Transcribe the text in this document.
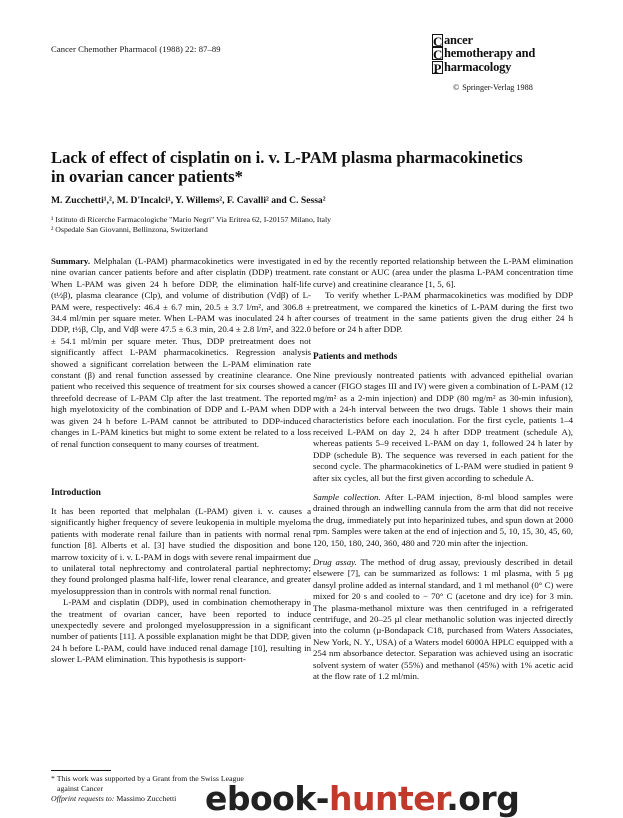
Cancer Chemother Pharmacol (1988) 22: 87–89
C ancer
C hemotherapy and
P harmacology
© Springer-Verlag 1988
Lack of effect of cisplatin on i. v. L-PAM plasma pharmacokinetics
in ovarian cancer patients*
M. Zucchetti¹,², M. D'Incalci¹, Y. Willems², F. Cavalli² and C. Sessa²
¹ Istituto di Ricerche Farmacologiche "Mario Negri" Via Eritrea 62, I-20157 Milano, Italy
² Ospedale San Giovanni, Bellinzona, Switzerland

Summary. Melphalan (L-PAM) pharmacokinetics were investigated in nine ovarian cancer patients before and after cisplatin (DDP) treatment. When L-PAM was given 24 h before DDP, the elimination half-life (t½β), plasma clearance (Clp), and volume of distribution (Vdβ) of L-PAM were, respectively: 46.4 ± 6.7 min, 20.5 ± 3.7 l/m², and 306.8 ± 34.4 ml/min per square meter. When L-PAM was inoculated 24 h after DDP, t½β, Clp, and Vdβ were 47.5 ± 6.3 min, 20.4 ± 2.8 l/m², and 322.0 ± 54.1 ml/min per square meter. Thus, DDP pretreatment does not significantly affect L-PAM pharmacokinetics. Regression analysis showed a significant correlation between the L-PAM elimination rate constant (β) and renal function assessed by creatinine clearance. One patient who received this sequence of treatment for six courses showed a threefold decrease of L-PAM Clp after the last treatment. The reported high myelotoxicity of the combination of DDP and L-PAM when DDP was given 24 h before L-PAM cannot be attributed to DDP-induced changes in L-PAM kinetics but might to some extent be related to a loss of renal function consequent to many courses of treatment.

Introduction

It has been reported that melphalan (L-PAM) given i. v. causes a significantly higher frequency of severe leukopenia in multiple myeloma patients with moderate renal failure than in patients with normal renal function [8]. Alberts et al. [3] have studied the disposition and bone marrow toxicity of i. v. L-PAM in dogs with severe renal impairment due to unilateral total nephrectomy and controlateral partial nephrectomy; they found prolonged plasma half-life, lower renal clearance, and greater myelosuppression than in controls with normal renal function.

L-PAM and cisplatin (DDP), used in combination chemotherapy in the treatment of ovarian cancer, have been reported to induce unexpectedly severe and prolonged myelosuppression in a significant number of patients [11]. A possible explanation might be that DDP, given 24 h before L-PAM, could have induced renal damage [10], resulting in slower L-PAM elimination. This hypothesis is support-

ed by the recently reported relationship between the L-PAM elimination rate constant or AUC (area under the plasma L-PAM concentration time curve) and creatinine clearance [1, 5, 6].

To verify whether L-PAM pharmacokinetics was modified by DDP pretreatment, we compared the kinetics of L-PAM during the first two courses of treatment in the same patients given the drug either 24 h before or 24 h after DDP.

Patients and methods

Nine previously nontreated patients with advanced epithelial ovarian cancer (FIGO stages III and IV) were given a combination of L-PAM (12 mg/m² as a 2-min injection) and DDP (80 mg/m² as 30-min infusion), with a 24-h interval between the two drugs. Table 1 shows their main characteristics before each inoculation. For the first cycle, patients 1–4 received L-PAM on day 2, 24 h after DDP treatment (schedule A), whereas patients 5–9 received L-PAM on day 1, followed 24 h later by DDP (schedule B). The sequence was reversed in each patient for the second cycle. The pharmacokinetics of L-PAM were studied in patient 9 after six cycles, all but the first given according to schedule A.

Sample collection. After L-PAM injection, 8-ml blood samples were drained through an indwelling cannula from the arm that did not receive the drug, immediately put into heparinized tubes, and spun down at 2000 rpm. Samples were taken at the end of injection and 5, 10, 15, 30, 45, 60, 120, 150, 180, 240, 360, 480 and 720 min after the injection.

Drug assay. The method of drug assay, previously described in detail elsewere [7], can be summarized as follows: 1 ml plasma, with 5 µg dansyl proline added as internal standard, and 1 ml methanol (0° C) were mixed for 20 s and cooled to − 70° C (acetone and dry ice) for 3 min. The plasma-methanol mixture was then centrifuged in a refrigerated centrifuge, and 20–25 µl clear methanolic solution was injected directly into the column (µ-Bondapack C18, purchased from Waters Associates, New York, N. Y., USA) of a Waters model 6000A HPLC equipped with a 254 nm absorbance detector. Separation was achieved using an isocratic solvent system of water (55%) and methanol (45%) with 1% acetic acid at the flow rate of 1.2 ml/min.

* This work was supported by a Grant from the Swiss League
against Cancer
Offprint requests to: Massimo Zucchetti ebook-hunter.org
